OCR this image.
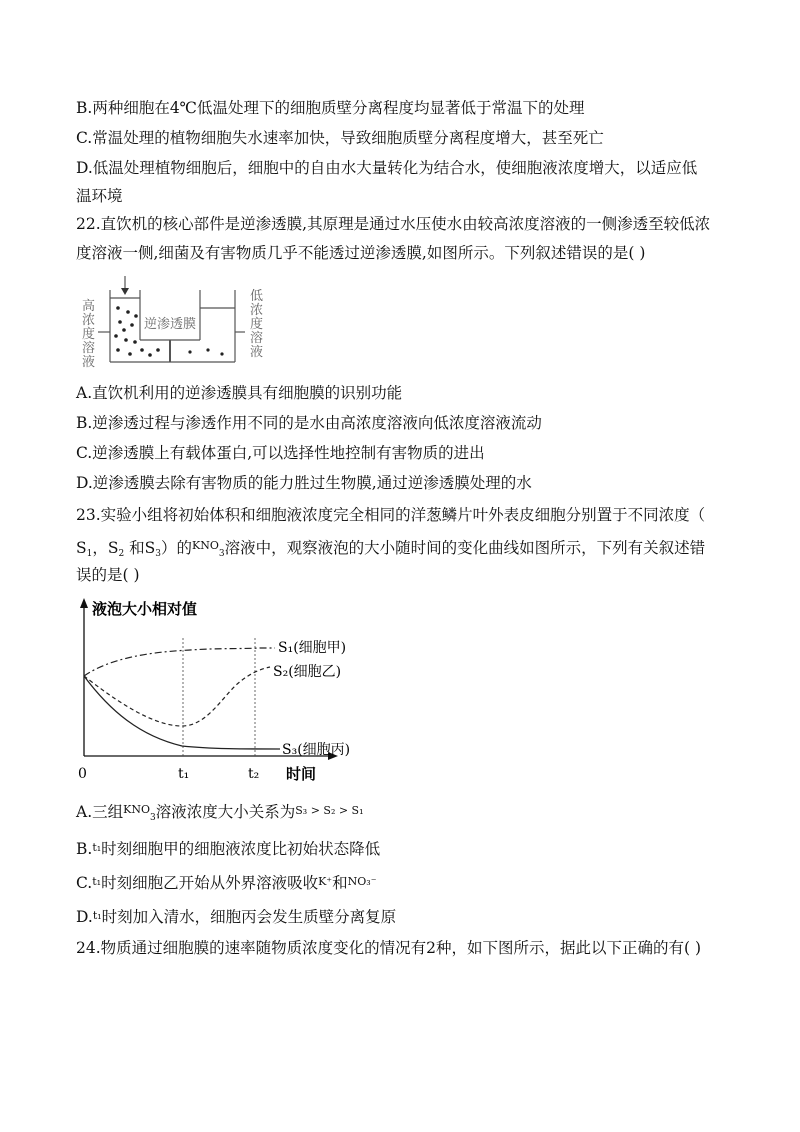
B.两种细胞在4℃低温处理下的细胞质壁分离程度均显著低于常温下的处理
C.常温处理的植物细胞失水速率加快，导致细胞质壁分离程度增大，甚至死亡
D.低温处理植物细胞后，细胞中的自由水大量转化为结合水，使细胞液浓度增大，以适应低
温环境
22.直饮机的核心部件是逆渗透膜,其原理是通过水压使水由较高浓度溶液的一侧渗透至较低浓
度溶液一侧,细菌及有害物质几乎不能透过逆渗透膜,如图所示。下列叙述错误的是( )
高
浓
度
溶
液
逆渗透膜
低
浓
度
溶
液
A.直饮机利用的逆渗透膜具有细胞膜的识别功能
B.逆渗透过程与渗透作用不同的是水由高浓度溶液向低浓度溶液流动
C.逆渗透膜上有载体蛋白,可以选择性地控制有害物质的进出
D.逆渗透膜去除有害物质的能力胜过生物膜,通过逆渗透膜处理的水
23.实验小组将初始体积和细胞液浓度完全相同的洋葱鳞片叶外表皮细胞分别置于不同浓度（
$S_1$，$S_2$ 和$S_3$）的$^{KNO}_3$溶液中，观察液泡的大小随时间的变化曲线如图所示，下列有关叙述错
误的是( )
液泡大小相对值
时间
0	t₁	t₂
S₁(细胞甲)
S₂(细胞乙)
S₃(细胞丙)
A.三组$^{KNO}_3$溶液浓度大小关系为S₃ > S₂ > S₁
B.t₁时刻细胞甲的细胞液浓度比初始状态降低
C.t₁时刻细胞乙开始从外界溶液吸收K⁺和NO₃⁻
D.t₁时刻加入清水，细胞丙会发生质壁分离复原
24.物质通过细胞膜的速率随物质浓度变化的情况有2种，如下图所示，据此以下正确的有( )
